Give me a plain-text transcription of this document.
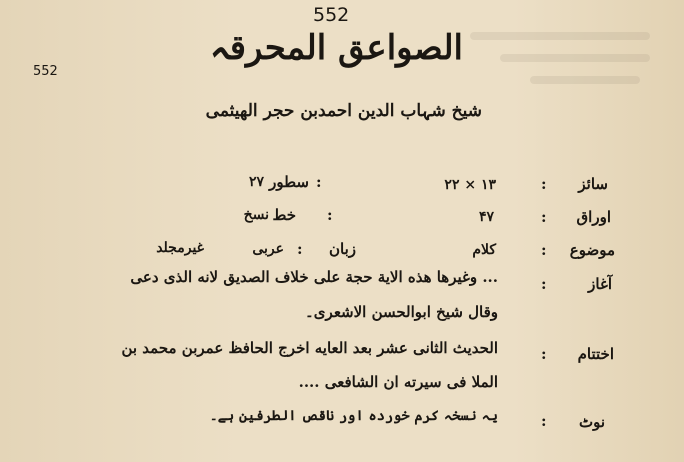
552
552
الصواعق المحرقہ
شیخ شہاب الدین احمدبن حجر الهیثمی
سائز
:
۱۳ × ۲۲
سطور :
۲۷
اوراق
:
۴۷
خط :
نسخ
موضوع
:
کلام
زبان
:
عربی
غیرمجلد
آغاز
:
... وغیرها هذه الایة حجة علی خلاف الصدیق لانه الذی دعی
وقال شیخ ابوالحسن الاشعری۔
اختتام
:
الحدیث الثانی عشر بعد العایه اخرج الحافظ عمربن محمد بن
الملا فی سیرته ان الشافعی ....
نوٹ
:
یہ نسخہ کرم خوردہ اور ناقص الطرفین ہے۔
